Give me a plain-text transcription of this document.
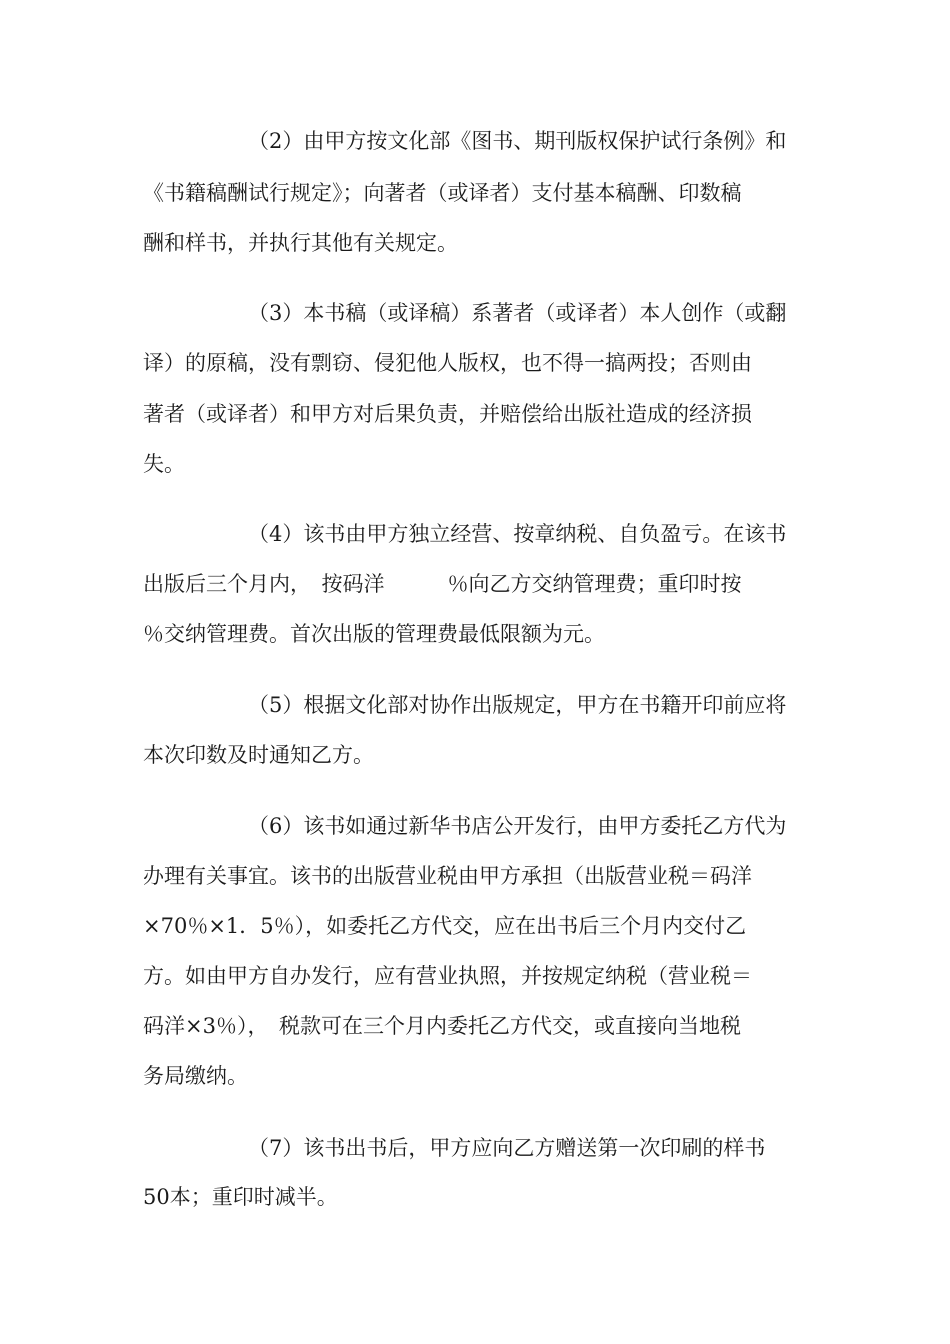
（2）由甲方按文化部《图书、期刊版权保护试行条例》和
《书籍稿酬试行规定》；向著者（或译者）支付基本稿酬、印数稿
酬和样书，并执行其他有关规定。
（3）本书稿（或译稿）系著者（或译者）本人创作（或翻
译）的原稿，没有剽窃、侵犯他人版权，也不得一搞两投；否则由
著者（或译者）和甲方对后果负责，并赔偿给出版社造成的经济损
失。
（4）该书由甲方独立经营、按章纳税、自负盈亏。在该书
出版后三个月内，　按码洋　　　％向乙方交纳管理费；重印时按
％交纳管理费。首次出版的管理费最低限额为元。
（5）根据文化部对协作出版规定，甲方在书籍开印前应将
本次印数及时通知乙方。
（6）该书如通过新华书店公开发行，由甲方委托乙方代为
办理有关事宜。该书的出版营业税由甲方承担（出版营业税＝码洋
×70％×1．5％），如委托乙方代交，应在出书后三个月内交付乙
方。如由甲方自办发行，应有营业执照，并按规定纳税（营业税＝
码洋×3％），　税款可在三个月内委托乙方代交，或直接向当地税
务局缴纳。
（7）该书出书后，甲方应向乙方赠送第一次印刷的样书
50本；重印时减半。
